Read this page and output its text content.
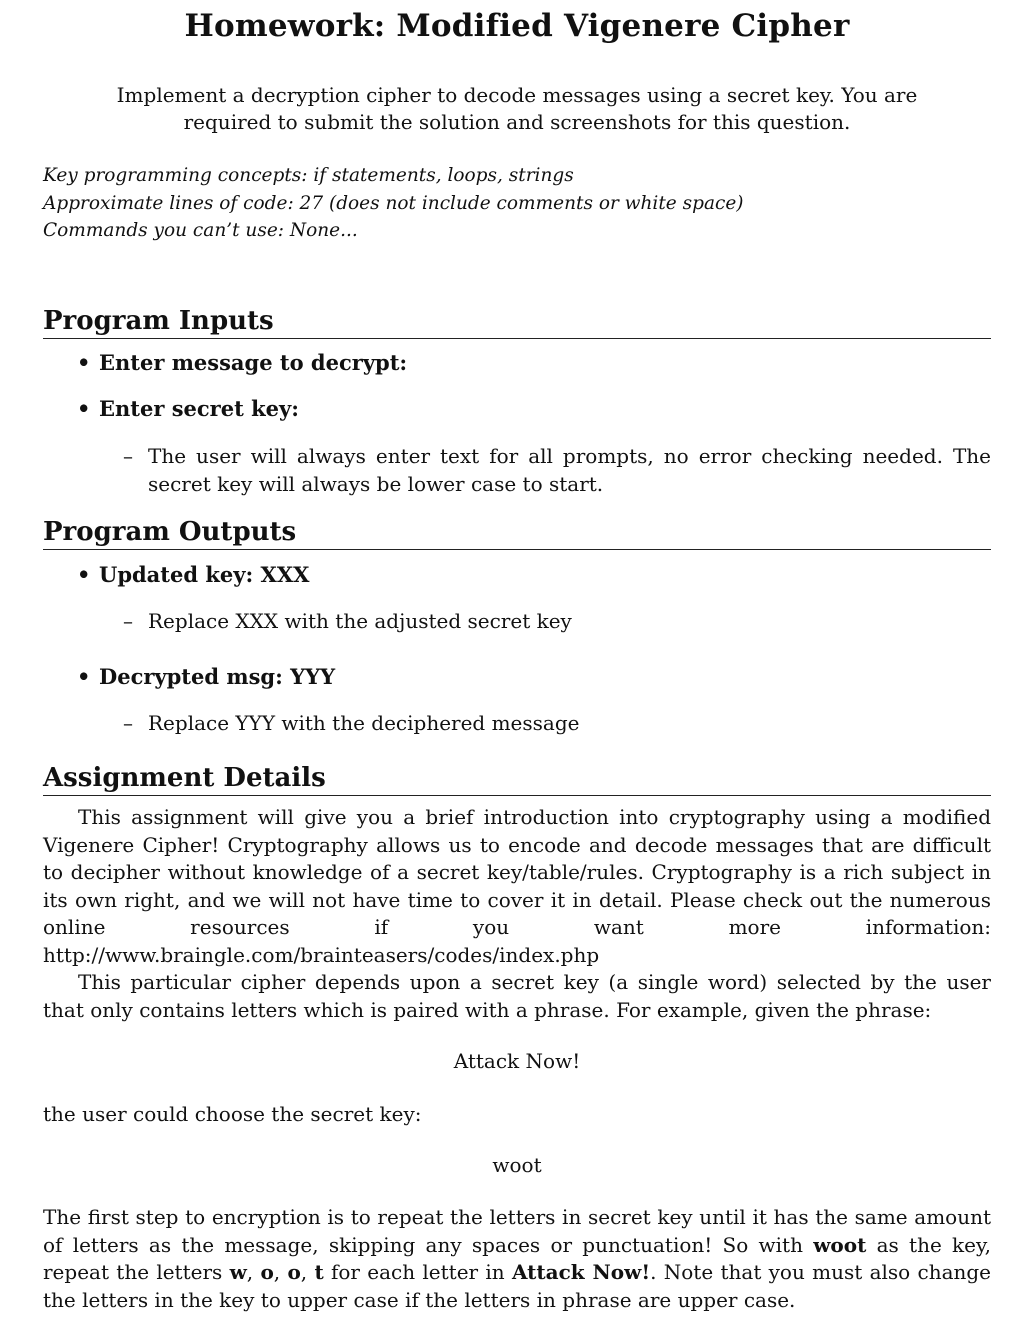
Homework: Modified Vigenere Cipher
Implement a decryption cipher to decode messages using a secret key. You are required to submit the solution and screenshots for this question.
Key programming concepts: if statements, loops, strings
Approximate lines of code: 27 (does not include comments or white space)
Commands you can’t use: None...
Program Inputs
• Enter message to decrypt:
• Enter secret key:
– The user will always enter text for all prompts, no error checking needed. The secret key will always be lower case to start.
Program Outputs
• Updated key: XXX
– Replace XXX with the adjusted secret key
• Decrypted msg: YYY
– Replace YYY with the deciphered message
Assignment Details
This assignment will give you a brief introduction into cryptography using a modified Vigenere Cipher! Cryptography allows us to encode and decode messages that are difficult to decipher without knowledge of a secret key/table/rules. Cryptography is a rich subject in its own right, and we will not have time to cover it in detail. Please check out the numerous online resources if you want more information: http://www.braingle.com/brainteasers/codes/index.php
This particular cipher depends upon a secret key (a single word) selected by the user that only contains letters which is paired with a phrase. For example, given the phrase:
Attack Now!
the user could choose the secret key:
woot
The first step to encryption is to repeat the letters in secret key until it has the same amount of letters as the message, skipping any spaces or punctuation! So with woot as the key, repeat the letters w, o, o, t for each letter in Attack Now!. Note that you must also change the letters in the key to upper case if the letters in phrase are upper case.
